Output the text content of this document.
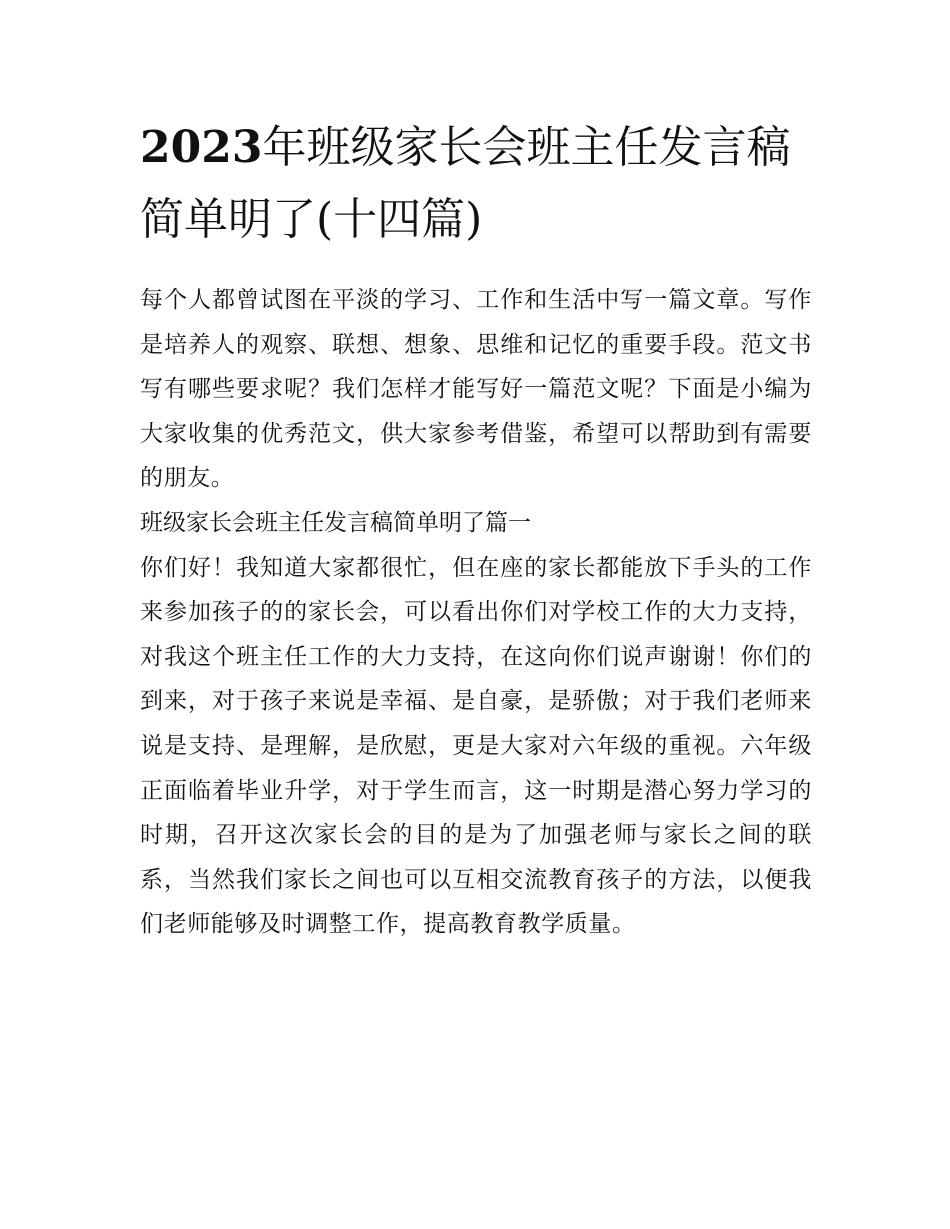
2023年班级家长会班主任发言稿简单明了(十四篇)

每个人都曾试图在平淡的学习、工作和生活中写一篇文章。写作是培养人的观察、联想、想象、思维和记忆的重要手段。范文书写有哪些要求呢？我们怎样才能写好一篇范文呢？下面是小编为大家收集的优秀范文，供大家参考借鉴，希望可以帮助到有需要的朋友。

班级家长会班主任发言稿简单明了篇一

你们好！我知道大家都很忙，但在座的家长都能放下手头的工作来参加孩子的的家长会，可以看出你们对学校工作的大力支持，对我这个班主任工作的大力支持，在这向你们说声谢谢！你们的到来，对于孩子来说是幸福、是自豪，是骄傲；对于我们老师来说是支持、是理解，是欣慰，更是大家对六年级的重视。六年级正面临着毕业升学，对于学生而言，这一时期是潜心努力学习的时期，召开这次家长会的目的是为了加强老师与家长之间的联系，当然我们家长之间也可以互相交流教育孩子的方法，以便我们老师能够及时调整工作，提高教育教学质量。
